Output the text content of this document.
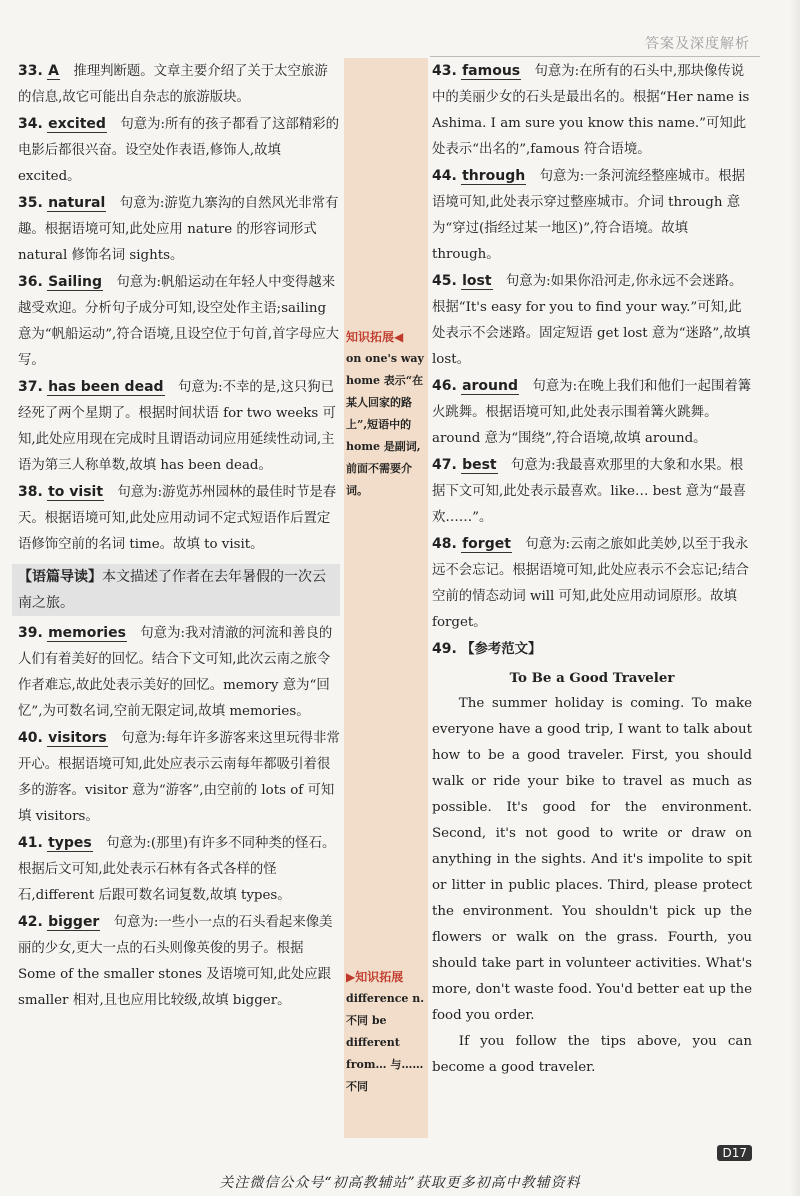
答案及深度解析
33. A  推理判断题。文章主要介绍了关于太空旅游的信息,故它可能出自杂志的旅游版块。
34. excited  句意为:所有的孩子都看了这部精彩的电影后都很兴奋。设空处作表语,修饰人,故填 excited。
35. natural  句意为:游览九寨沟的自然风光非常有趣。根据语境可知,此处应用 nature 的形容词形式 natural 修饰名词 sights。
36. Sailing  句意为:帆船运动在年轻人中变得越来越受欢迎。分析句子成分可知,设空处作主语;sailing 意为“帆船运动”,符合语境,且设空位于句首,首字母应大写。
37. has been dead  句意为:不幸的是,这只狗已经死了两个星期了。根据时间状语 for two weeks 可知,此处应用现在完成时且谓语动词应用延续性动词,主语为第三人称单数,故填 has been dead。
38. to visit  句意为:游览苏州园林的最佳时节是春天。根据语境可知,此处应用动词不定式短语作后置定语修饰空前的名词 time。故填 to visit。
【语篇导读】本文描述了作者在去年暑假的一次云南之旅。
39. memories  句意为:我对清澈的河流和善良的人们有着美好的回忆。结合下文可知,此次云南之旅令作者难忘,故此处表示美好的回忆。memory 意为“回忆”,为可数名词,空前无限定词,故填 memories。
40. visitors  句意为:每年许多游客来这里玩得非常开心。根据语境可知,此处应表示云南每年都吸引着很多的游客。visitor 意为“游客”,由空前的 lots of 可知填 visitors。
41. types  句意为:(那里)有许多不同种类的怪石。根据后文可知,此处表示石林有各式各样的怪石,different 后跟可数名词复数,故填 types。
42. bigger  句意为:一些小一点的石头看起来像美丽的少女,更大一点的石头则像英俊的男子。根据 Some of the smaller stones 及语境可知,此处应跟 smaller 相对,且也应用比较级,故填 bigger。
43. famous  句意为:在所有的石头中,那块像传说中的美丽少女的石头是最出名的。根据“Her name is Ashima. I am sure you know this name.”可知此处表示“出名的”,famous 符合语境。
44. through  句意为:一条河流经整座城市。根据语境可知,此处表示穿过整座城市。介词 through 意为“穿过(指经过某一地区)”,符合语境。故填 through。
45. lost  句意为:如果你沿河走,你永远不会迷路。根据“It's easy for you to find your way.”可知,此处表示不会迷路。固定短语 get lost 意为“迷路”,故填 lost。
46. around  句意为:在晚上我们和他们一起围着篝火跳舞。根据语境可知,此处表示围着篝火跳舞。around 意为“围绕”,符合语境,故填 around。
47. best  句意为:我最喜欢那里的大象和水果。根据下文可知,此处表示最喜欢。like… best 意为“最喜欢……”。
48. forget  句意为:云南之旅如此美妙,以至于我永远不会忘记。根据语境可知,此处应表示不会忘记;结合空前的情态动词 will 可知,此处应用动词原形。故填 forget。
49. 【参考范文】
To Be a Good Traveler

The summer holiday is coming. To make everyone have a good trip, I want to talk about how to be a good traveler. First, you should walk or ride your bike to travel as much as possible. It's good for the environment. Second, it's not good to write or draw on anything in the sights. And it's impolite to spit or litter in public places. Third, please protect the environment. You shouldn't pick up the flowers or walk on the grass. Fourth, you should take part in volunteer activities. What's more, don't waste food. You'd better eat up the food you order.

If you follow the tips above, you can become a good traveler.

知识拓展◀
on one's way home 表示“在某人回家的路上”,短语中的 home 是副词,前面不需要介词。
▶知识拓展
difference n. 不同 be different from… 与……不同
D17
关注微信公众号“初高教辅站”获取更多初高中教辅资料
